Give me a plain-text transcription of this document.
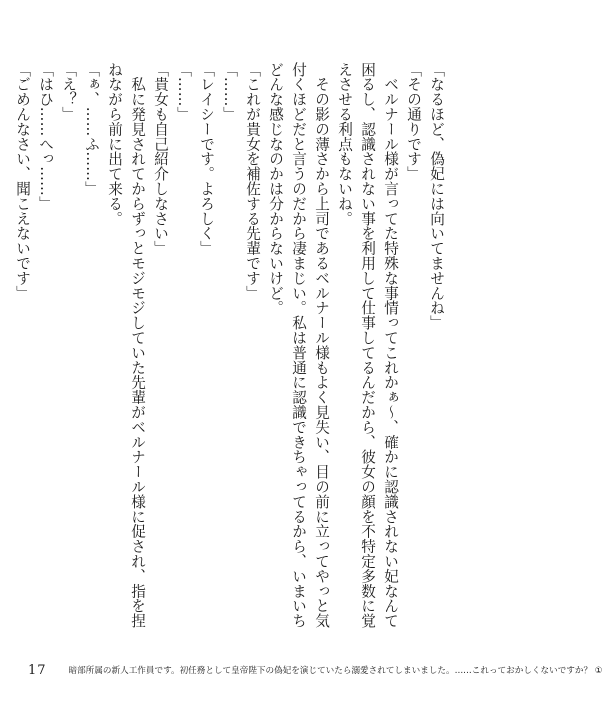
「なるほど、偽妃には向いてませんね」

「その通りです」

　ベルナール様が言ってた特殊な事情ってこれかぁ〜、確かに認識されない妃なんて困るし、認識されない事を利用して仕事してるんだから、彼女の顔を不特定多数に覚えさせる利点もないね。

　その影の薄さから上司であるベルナール様もよく見失い、目の前に立ってやっと気付くほどだと言うのだから凄まじい。私は普通に認識できちゃってるから、いまいちどんな感じなのかは分からないけど。

「これが貴女を補佐する先輩です」

「……」

「レイシーです。よろしく」

「……」

「貴女も自己紹介しなさい」

　私に発見されてからずっとモジモジしていた先輩がベルナール様に促され、指を捏ねながら前に出て来る。

「ぁ、……ふ……」

「え？」

「はひ……へっ……」

「ごめんなさい、聞こえないです」

17	暗部所属の新人工作員です。初任務として皇帝陛下の偽妃を演じていたら溺愛されてしまいました。……これっておかしくないですか？ ①
